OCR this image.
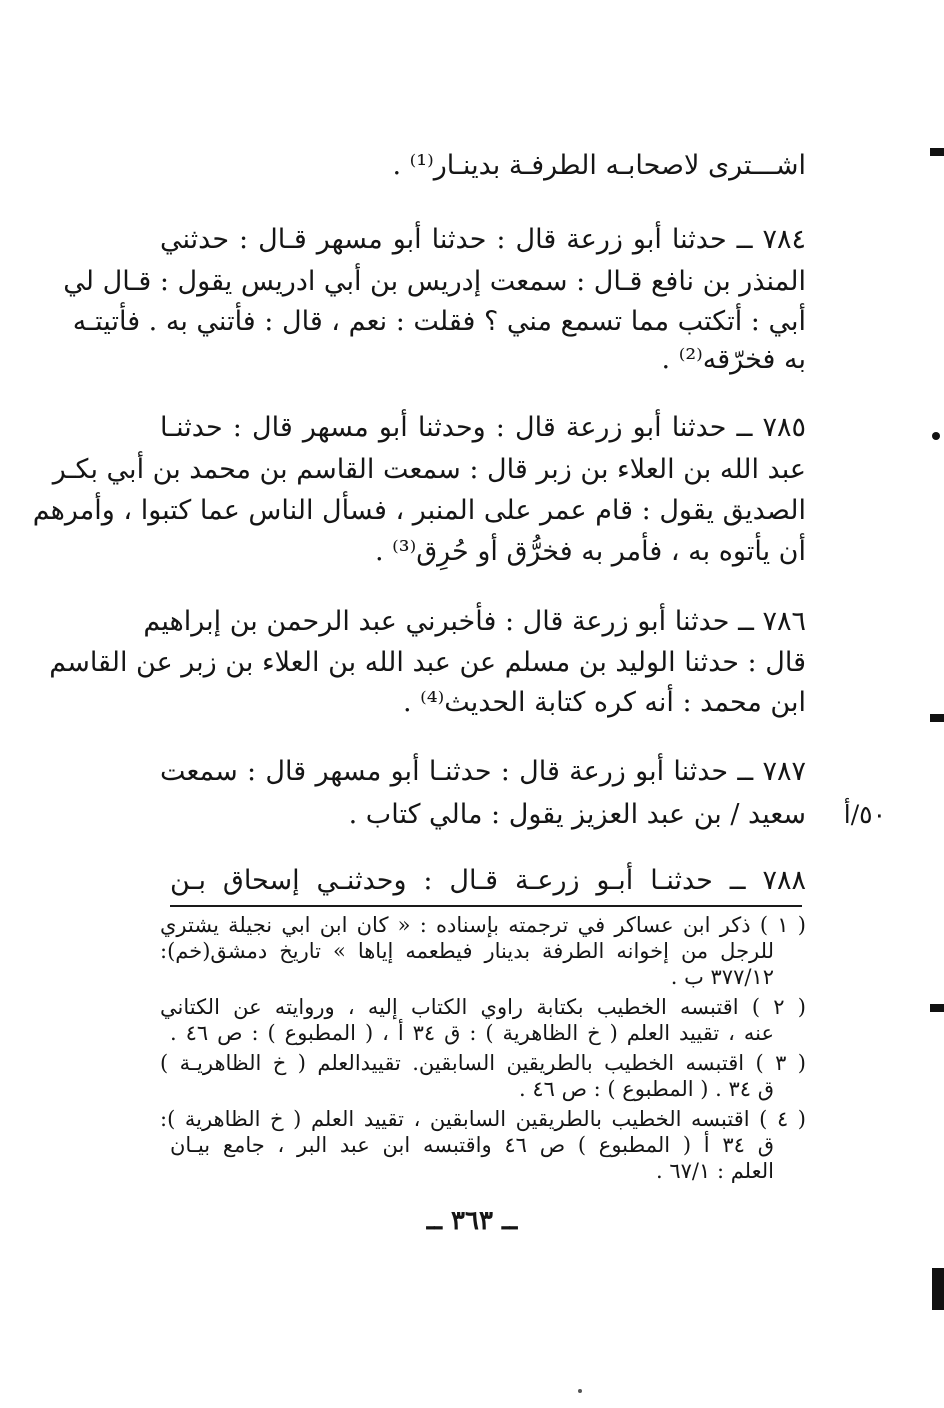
اشـــترى لاصحابـه الطرفـة بدينـار⁽¹⁾ .
٧٨٤ ــ حدثنا أبو زرعة قال : حدثنا أبو مسهر قـال : حدثني
المنذر بن نافع قـال : سمعت إدريس بن أبي ادريس يقول : قـال لي
أبي : أتكتب مما تسمع مني ؟ فقلت : نعم ، قال : فأتني به . فأتيتـه
به فخرّقه⁽²⁾ .
٧٨٥ ــ حدثنا أبو زرعة قال : وحدثنا أبو مسهر قال : حدثنـا
عبد الله بن العلاء بن زبر قال : سمعت القاسم بن محمد بن أبي بكـر
الصديق يقول : قام عمر على المنبر ، فسأل الناس عما كتبوا ، وأمرهم
أن يأتوه به ، فأمر به فخرُّق أو حُرِق⁽³⁾ .
٧٨٦ ــ حدثنا أبو زرعة قال : فأخبرني عبد الرحمن بن إبراهيم
قال : حدثنا الوليد بن مسلم عن عبد الله بن العلاء بن زبر عن القاسم
ابن محمد : أنه كره كتابة الحديث⁽⁴⁾ .
٧٨٧ ــ حدثنا أبو زرعة قال : حدثنـا أبو مسهر قال : سمعت
سعيد / بن عبد العزيز يقول : مالي كتاب .	٥٠/أ
٧٨٨ ــ حدثنـا أبـو زرعـة قـال : وحدثنـي إسحاق بـن
( ١ ) ذكر ابن عساكر في ترجمته بإسناده : « كان ابن ابي نجيلة يشتري
للرجل من إخوانه الطرفة بدينار فيطعمه إياها » تاريخ دمشق(خم):
٣٧٧/١٢ ب .
( ٢ ) اقتبسه الخطيب بكتابة راوي الكتاب إليه ، وروايته عن الكتاني
عنه ، تقييد العلم ( خ الظاهرية ) : ق ٣٤ أ ، ( المطبوع ) : ص ٤٦ .
( ٣ ) اقتبسه الخطيب بالطريقين السابقين. تقييدالعلم ( خ الظاهريـة )
ق ٣٤ . ( المطبوع ) : ص ٤٦ .
( ٤ ) اقتبسه الخطيب بالطريقين السابقين ، تقييد العلم ( خ الظاهرية ):
ق ٣٤ أ ( المطبوع ) ص ٤٦ واقتبسه ابن عبد البر ، جامع بيـان
العلم : ٦٧/١ .
ــ ٣٦٣ ــ
